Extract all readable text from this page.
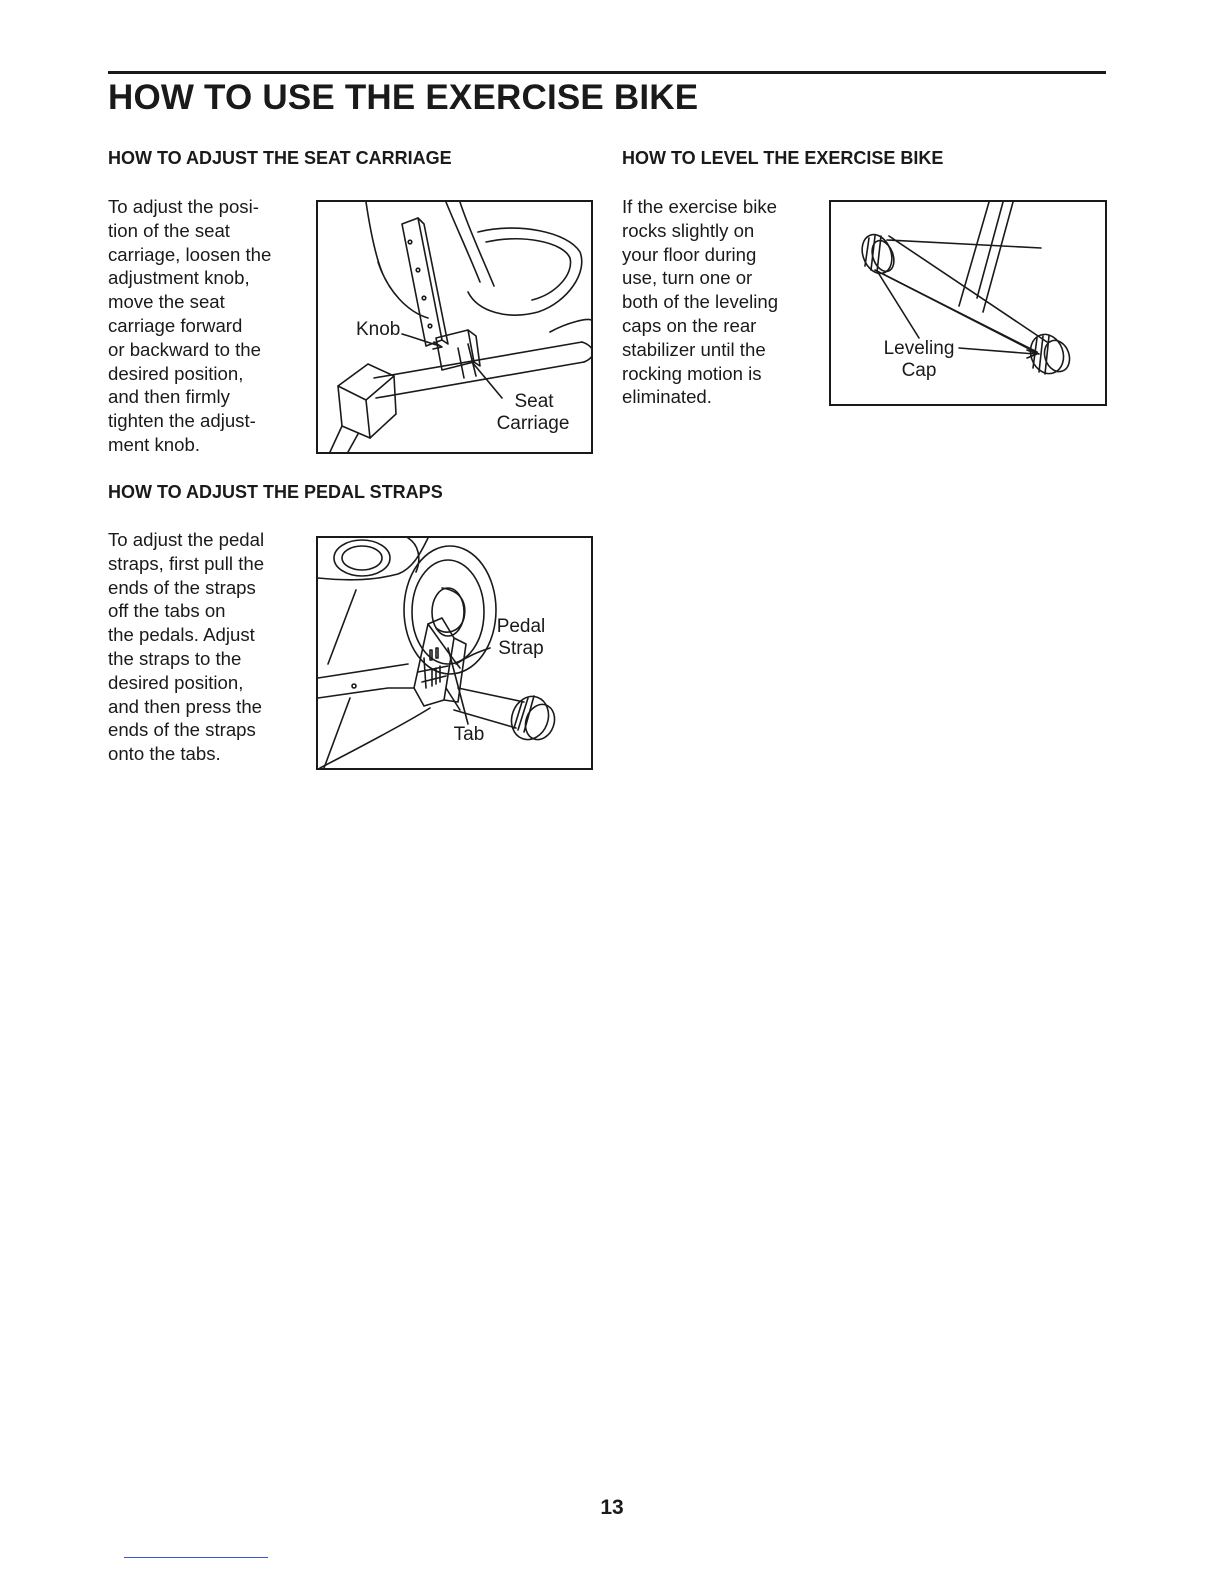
HOW TO USE THE EXERCISE BIKE
HOW TO ADJUST THE SEAT CARRIAGE
To adjust the posi-
tion of the seat
carriage, loosen the
adjustment knob,
move the seat
carriage forward
or backward to the
desired position,
and then firmly
tighten the adjust-
ment knob.
Knob
Seat
Carriage
HOW TO ADJUST THE PEDAL STRAPS
To adjust the pedal
straps, first pull the
ends of the straps
off the tabs on
the pedals. Adjust
the straps to the
desired position,
and then press the
ends of the straps
onto the tabs.
Pedal
Strap
Tab
HOW TO LEVEL THE EXERCISE BIKE
If the exercise bike
rocks slightly on
your floor during
use, turn one or
both of the leveling
caps on the rear
stabilizer until the
rocking motion is
eliminated.
Leveling
Cap
13
